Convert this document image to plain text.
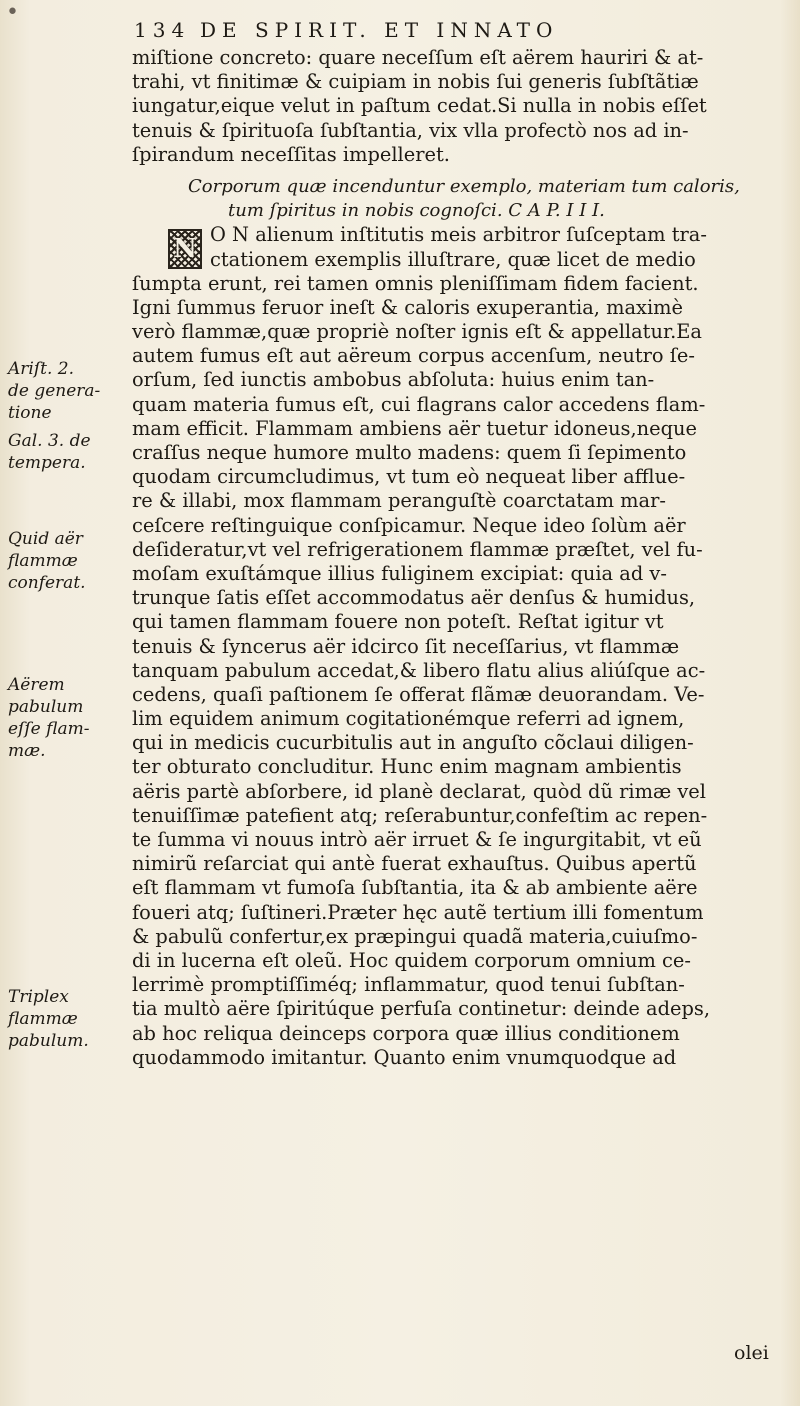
•
134 DE SPIRIT. ET INNATO
miſtione concreto: quare neceſſum eſt aërem hauriri & at-
trahi, vt finitimæ & cuipiam in nobis ſui generis ſubſtãtiæ
iungatur,eique velut in paſtum cedat.Si nulla in nobis eſſet
tenuis & ſpirituoſa ſubſtantia, vix vlla profectò nos ad in-
ſpirandum neceſſitas impelleret.
Corporum quæ incenduntur exemplo, materiam tum caloris,
tum ſpiritus in nobis cognoſci. C A P. I I I.
N O N alienum inſtitutis meis arbitror ſuſceptam tra-
ctationem exemplis illuſtrare, quæ licet de medio
ſumpta erunt, rei tamen omnis pleniſſimam fidem facient.
Igni ſummus feruor ineſt & caloris exuperantia, maximè
verò flammæ,quæ propriè noſter ignis eſt & appellatur.Ea
autem fumus eſt aut aëreum corpus accenſum, neutro ſe-
orſum, ſed iunctis ambobus abſoluta: huius enim tan-
quam materia fumus eſt, cui flagrans calor accedens flam-
mam efficit. Flammam ambiens aër tuetur idoneus,neque
craſſus neque humore multo madens: quem ſi ſepimento
quodam circumcludimus, vt tum eò nequeat liber afflue-
re & illabi, mox flammam peranguſtè coarctatam mar-
ceſcere reſtinguique conſpicamur. Neque ideo ſolùm aër
deſideratur,vt vel refrigerationem flammæ præſtet, vel fu-
moſam exuſtámque illius fuliginem excipiat: quia ad v-
trunque ſatis eſſet accommodatus aër denſus & humidus,
qui tamen flammam fouere non poteſt. Reſtat igitur vt
tenuis & ſyncerus aër idcirco ſit neceſſarius, vt flammæ
tanquam pabulum accedat,& libero flatu alius aliúſque ac-
cedens, quaſi paſtionem ſe offerat flãmæ deuorandam. Ve-
lim equidem animum cogitationémque referri ad ignem,
qui in medicis cucurbitulis aut in anguſto cõclaui diligen-
ter obturato concluditur. Hunc enim magnam ambientis
aëris partè abſorbere, id planè declarat, quòd dũ rimæ vel
tenuiſſimæ patefient atq; reſerabuntur,confeſtim ac repen-
te ſumma vi nouus intrò aër irruet & ſe ingurgitabit, vt eũ
nimirũ reſarciat qui antè fuerat exhauſtus. Quibus apertũ
eſt flammam vt fumoſa ſubſtantia, ita & ab ambiente aëre
foueri atq; ſuſtineri.Præter hęc autẽ tertium illi fomentum
& pabulũ confertur,ex præpingui quadã materia,cuiuſmo-
di in lucerna eſt oleũ. Hoc quidem corporum omnium ce-
lerrimè promptiſſiméq; inflammatur, quod tenui ſubſtan-
tia multò aëre ſpiritúque perfuſa continetur: deinde adeps,
ab hoc reliqua deinceps corpora quæ illius conditionem
quodammodo imitantur. Quanto enim vnumquodque ad
Ariſt. 2.
de genera-
tione
Gal. 3. de
tempera.
Quid aër
flammæ
conferat.
Aërem
pabulum
eſſe flam-
mæ.
Triplex
flammæ
pabulum.
olei
